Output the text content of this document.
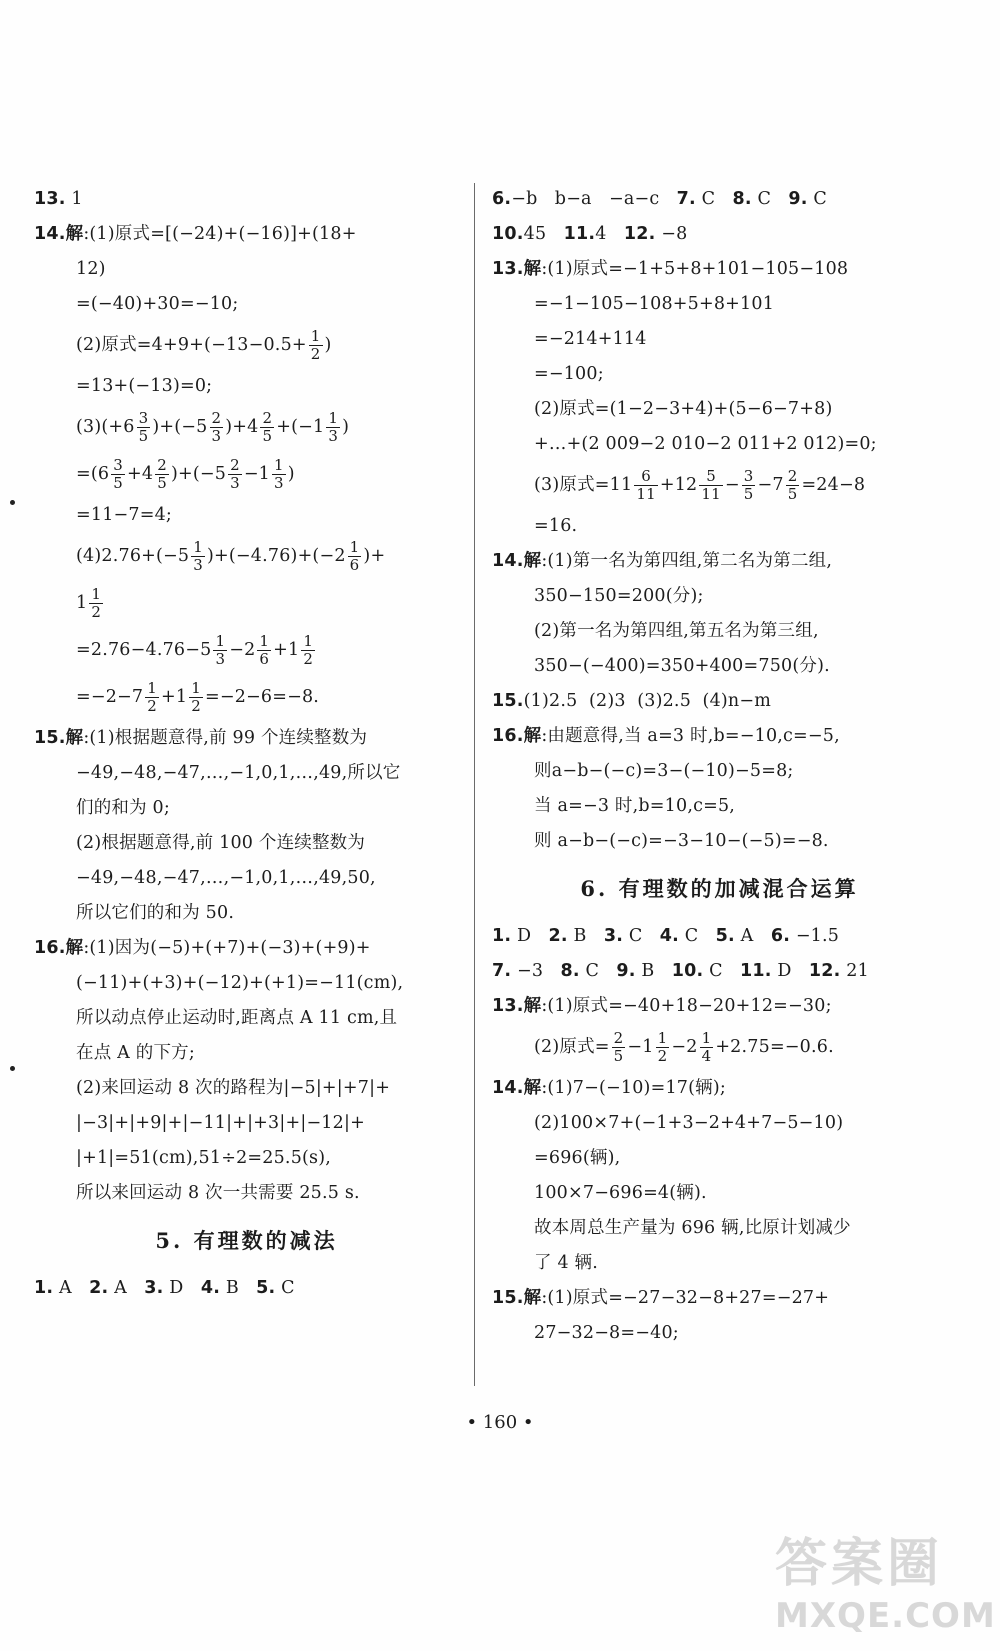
13. 1
14.解:(1)原式=[(−24)+(−16)]+(18+
12)
=(−40)+30=−10;
(2)原式$=4+9+(-13-0.5+ \frac{1}{2}$ )
=13+(−13)=0;
$(3)(+6 \frac{3}{5} )+(-5 \frac{2}{3} )+4 \frac{2}{5} +(-1 \frac{1}{3}$ )
$=(6 \frac{3}{5} +4 \frac{2}{5} )+(-5 \frac{2}{3} -1 \frac{1}{3}$ )
=11−7=4;
$(4)2.76+(-5 \frac{1}{3} )+(-4.76)+(-2 \frac{1}{6}$ )+
$1 \frac{1}{2}$
$=2.76-4.76-5 \frac{1}{3} -2 \frac{1}{6} +1 \frac{1}{2}$
$=-2-7 \frac{1}{2} +1 \frac{1}{2} =-2-6=-8$.
15.解:(1)根据题意得,前 99 个连续整数为
−49,−48,−47,…,−1,0,1,…,49,所以它
们的和为 0;
(2)根据题意得,前 100 个连续整数为
−49,−48,−47,…,−1,0,1,…,49,50,
所以它们的和为 50.
16.解:(1)因为(−5)+(+7)+(−3)+(+9)+
(−11)+(+3)+(−12)+(+1)=−11(cm),
所以动点停止运动时,距离点 A 11 cm,且
在点 A 的下方;
(2)来回运动 8 次的路程为|−5|+|+7|+
|−3|+|+9|+|−11|+|+3|+|−12|+
|+1|=51(cm),51÷2=25.5(s),
所以来回运动 8 次一共需要 25.5 s.
5. 有理数的减法
1. A 2. A 3. D 4. B 5. C
6.−b   b−a   −a−c 7. C 8. C 9. C
10.45 11.4 12. −8
13.解:(1)原式=−1+5+8+101−105−108
=−1−105−108+5+8+101
=−214+114
=−100;
(2)原式=(1−2−3+4)+(5−6−7+8)
+…+(2 009−2 010−2 011+2 012)=0;
(3)原式$=11 \frac{6}{11} +12 \frac{5}{11} - \frac{3}{5} -7 \frac{2}{5} =24-8$
=16.
14.解:(1)第一名为第四组,第二名为第二组,
350−150=200(分);
(2)第一名为第四组,第五名为第三组,
350−(−400)=350+400=750(分).
15.(1)2.5  (2)3  (3)2.5  (4)n−m
16.解:由题意得,当 a=3 时,b=−10,c=−5,
则a−b−(−c)=3−(−10)−5=8;
当 a=−3 时,b=10,c=5,
则 a−b−(−c)=−3−10−(−5)=−8.
6. 有理数的加减混合运算
1. D 2. B 3. C 4. C 5. A 6. −1.5
7. −3 8. C 9. B 10. C 11. D 12. 21
13.解:(1)原式=−40+18−20+12=−30;
(2)原式= $\frac{2}{5} -1 \frac{1}{2} -2 \frac{1}{4} +2.75=-0.6$.
14.解:(1)7−(−10)=17(辆);
(2)100×7+(−1+3−2+4+7−5−10)
=696(辆),
100×7−696=4(辆).
故本周总生产量为 696 辆,比原计划减少
了 4 辆.
15.解:(1)原式=−27−32−8+27=−27+
27−32−8=−40;
• 160 •
答案圈
MXQE.COM
